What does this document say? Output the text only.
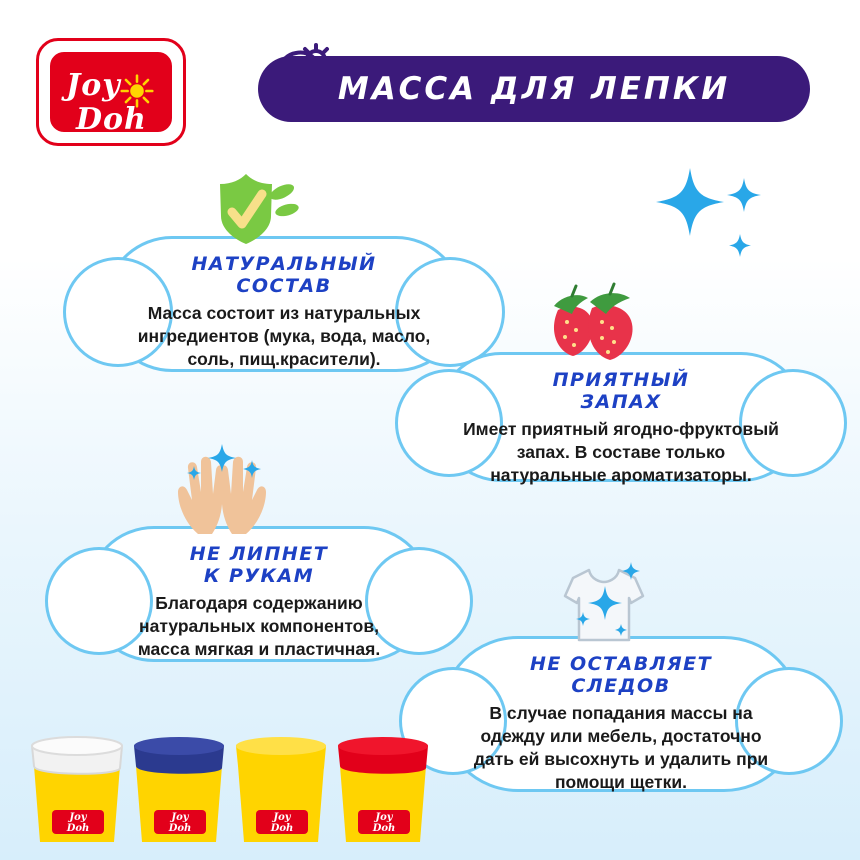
Joy
Doh
МАССА ДЛЯ ЛЕПКИ
НАТУРАЛЬНЫЙ
СОСТАВ
Масса состоит из натуральных ингредиентов (мука, вода, масло, соль, пищ.красители).
ПРИЯТНЫЙ
ЗАПАХ
Имеет приятный ягодно-фруктовый запах. В составе только натуральные ароматизаторы.
НЕ ЛИПНЕТ
К РУКАМ
Благодаря содержанию натуральных компонентов, масса мягкая и пластичная.
НЕ ОСТАВЛЯЕТ
СЛЕДОВ
В случае попадания массы на одежду или мебель, достаточно дать ей высохнуть и удалить при помощи щетки.
Joy
Doh
Joy
Doh
Joy
Doh
Joy
Doh
